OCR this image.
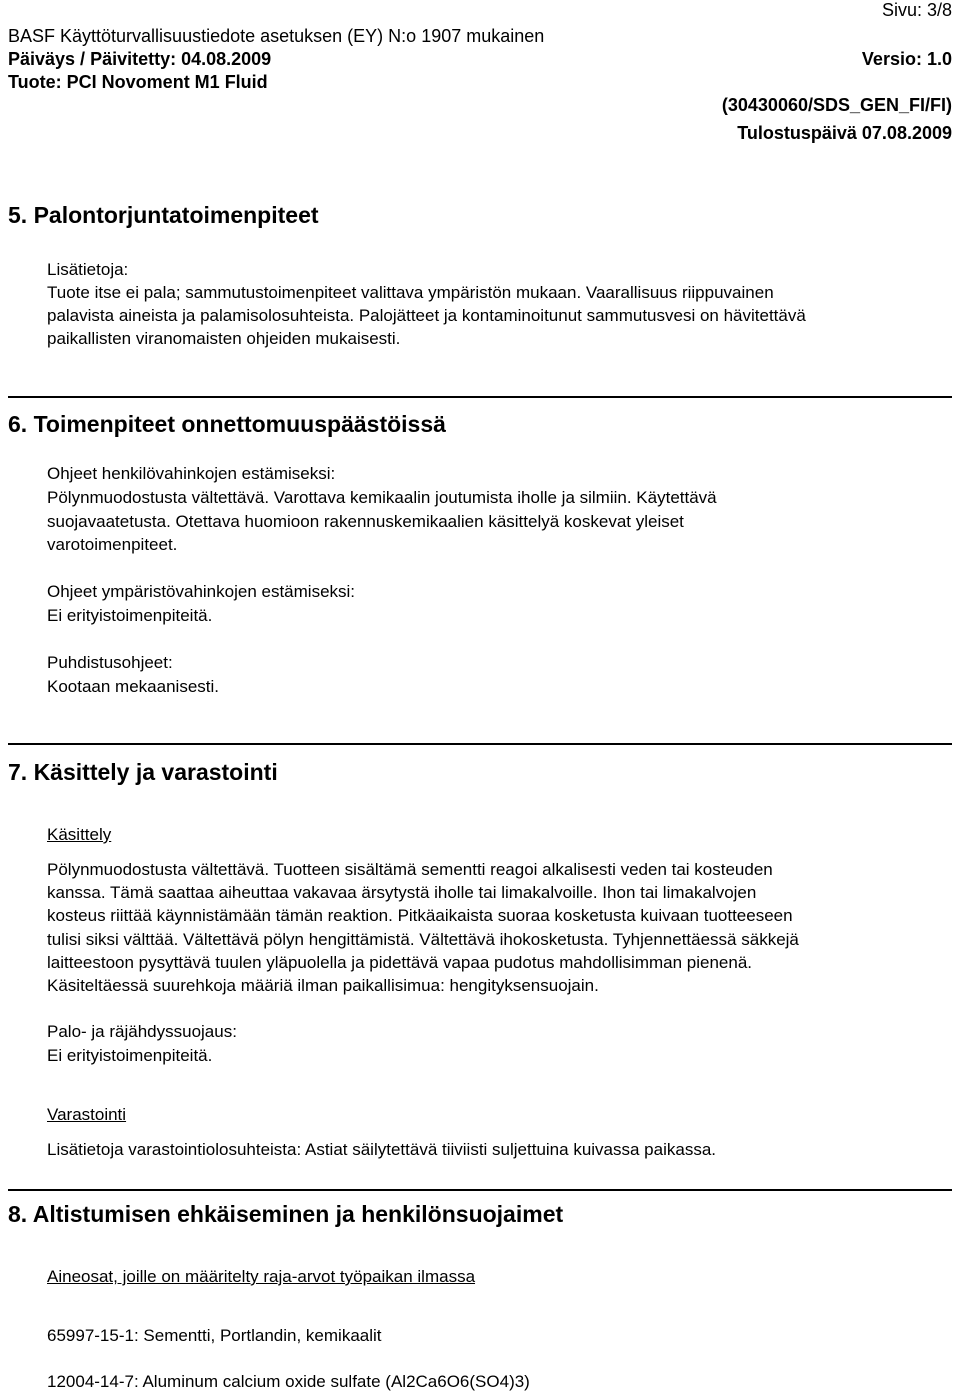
Sivu: 3/8
BASF Käyttöturvallisuustiedote asetuksen (EY) N:o 1907 mukainen
Päiväys / Päivitetty: 04.08.2009	Versio: 1.0
Tuote: PCI Novoment M1 Fluid
(30430060/SDS_GEN_FI/FI)
Tulostuspäivä 07.08.2009
5. Palontorjuntatoimenpiteet
Lisätietoja:
Tuote itse ei pala; sammutustoimenpiteet valittava ympäristön mukaan. Vaarallisuus riippuvainen
palavista aineista ja palamisolosuhteista. Palojätteet ja kontaminoitunut sammutusvesi on hävitettävä
paikallisten viranomaisten ohjeiden mukaisesti.
6. Toimenpiteet onnettomuuspäästöissä
Ohjeet henkilövahinkojen estämiseksi:
Pölynmuodostusta vältettävä. Varottava kemikaalin joutumista iholle ja silmiin. Käytettävä
suojavaatetusta. Otettava huomioon rakennuskemikaalien käsittelyä koskevat yleiset
varotoimenpiteet.
Ohjeet ympäristövahinkojen estämiseksi:
Ei erityistoimenpiteitä.
Puhdistusohjeet:
Kootaan mekaanisesti.
7. Käsittely ja varastointi
Käsittely
Pölynmuodostusta vältettävä. Tuotteen sisältämä sementti reagoi alkalisesti veden tai kosteuden
kanssa. Tämä saattaa aiheuttaa vakavaa ärsytystä iholle tai limakalvoille. Ihon tai limakalvojen
kosteus riittää käynnistämään tämän reaktion. Pitkäaikaista suoraa kosketusta kuivaan tuotteeseen
tulisi siksi välttää. Vältettävä pölyn hengittämistä. Vältettävä ihokosketusta. Tyhjennettäessä säkkejä
laitteestoon pysyttävä tuulen yläpuolella ja pidettävä vapaa pudotus mahdollisimman pienenä.
Käsiteltäessä suurehkoja määriä ilman paikallisimua: hengityksensuojain.
Palo- ja räjähdyssuojaus:
Ei erityistoimenpiteitä.
Varastointi
Lisätietoja varastointiolosuhteista: Astiat säilytettävä tiiviisti suljettuina kuivassa paikassa.
8. Altistumisen ehkäiseminen ja henkilönsuojaimet
Aineosat, joille on määritelty raja-arvot työpaikan ilmassa
65997-15-1: Sementti, Portlandin, kemikaalit
12004-14-7: Aluminum calcium oxide sulfate (Al2Ca6O6(SO4)3)
